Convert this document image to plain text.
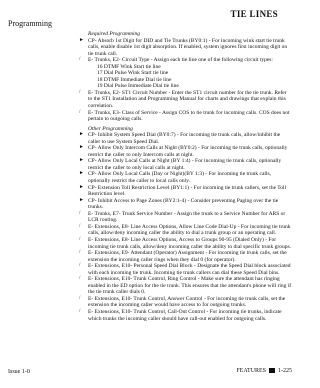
TIE LINES
Programming
Required Programming
► CP- Absorb 1st Digit for DID and Tie Trunks (BY0:1) - For incoming wink start tie trunk calls, enable disable 1st digit absorption. If enabled, system ignores first incoming digit on tie trunk call.
/ E- Trunks, E2- Circuit Type - Assign each tie line one of the following circuit types:
16 DTMF Wink Start tie line
17 Dial Pulse Wink Start tie line
18 DTMF Immediate Dial tie line
19 Dial Pulse Immediate Dial tie line
/ E- Trunks, E2- ST1 Circuit Number - Enter the ST1 circuit number for the tie trunk. Refer to the ST1 Installation and Programming Manual for charts and drawings that explain this correlation.
/ E- Trunks, E3- Class of Service - Assign COS to tie trunk for incoming calls. COS does not pertain to outgoing calls.
Other Programming
► CP- Inhibit System Speed Dial (BY0:7) - For incoming tie trunk calls, allow/inhibit the caller to use System Speed Dial.
► CP- Allow Only Intercom Calls at Night (BY0:2) - For incoming tie trunk calls, optionally restrict the caller to only Intercom calls at night.
► CP- Allow Only Local Calls at Night (BY 1:4) - For incoming tie trunk calls, optionally restrict the caller to only local calls at night.
► CP- Allow Only Local Calls (Day or Night)(BY 1:3) - For incoming tie trunk calls, optionally restrict the caller to local calls only.
► CP- Extension Toll Restriction Level (BY1:1) - For incoming tie trunk callers, set the Toll Restriction level.
► CP- Inhibit Access to Page Zones (BY2:1-4) - Consider preventing Paging over the tie trunks.
/ E- Trunks, E7- Trunk Service Number - Assign the trunk to a Service Number for ARS or LCR routing.
/ E- Extensions, E8- Line Access Options, Allow Line Code Dial-Up - For incoming tie trunk calls, allow/deny incoming caller the ability to dial a trunk group or an operating call.
/ E- Extensions, E8- Line Access Options, Access to Groups 90-95 (Dialed Only) - For incoming tie trunk calls, allow/deny incoming caller the ability to dial specific trunk groups.
/ E- Extensions, E9- Attendant (Operator) Assignment - For incoming tie trunk calls, set the extension the incoming caller rings when they dial 0 (for operator).
/ E- Extensions, E10- Personal Speed Dial Block - Designate the Speed Dial block associated with each incoming tie trunk. Incoming tie trunk callers can dial these Speed Dial bins.
/ E- Extensions, E10- Trunk Control, Ring Control - Make sure the attendant has ringing enabled in the ED option for the tie trunk. This ensures that the attendant's phone will ring if the tie trunk caller dials 0.
/ E- Extensions, E10- Trunk Control, Answer Control - For incoming tie trunk calls, set the extension the incoming caller would have access to for outgoing trunks.
/ E- Extensions, E10- Trunk Control, Call-Out Control - For incoming tie trunks, indicate which trunks the incoming caller should have call-out enabled for outgoing calls.
Issue 1-0	FEATURES 1-225
